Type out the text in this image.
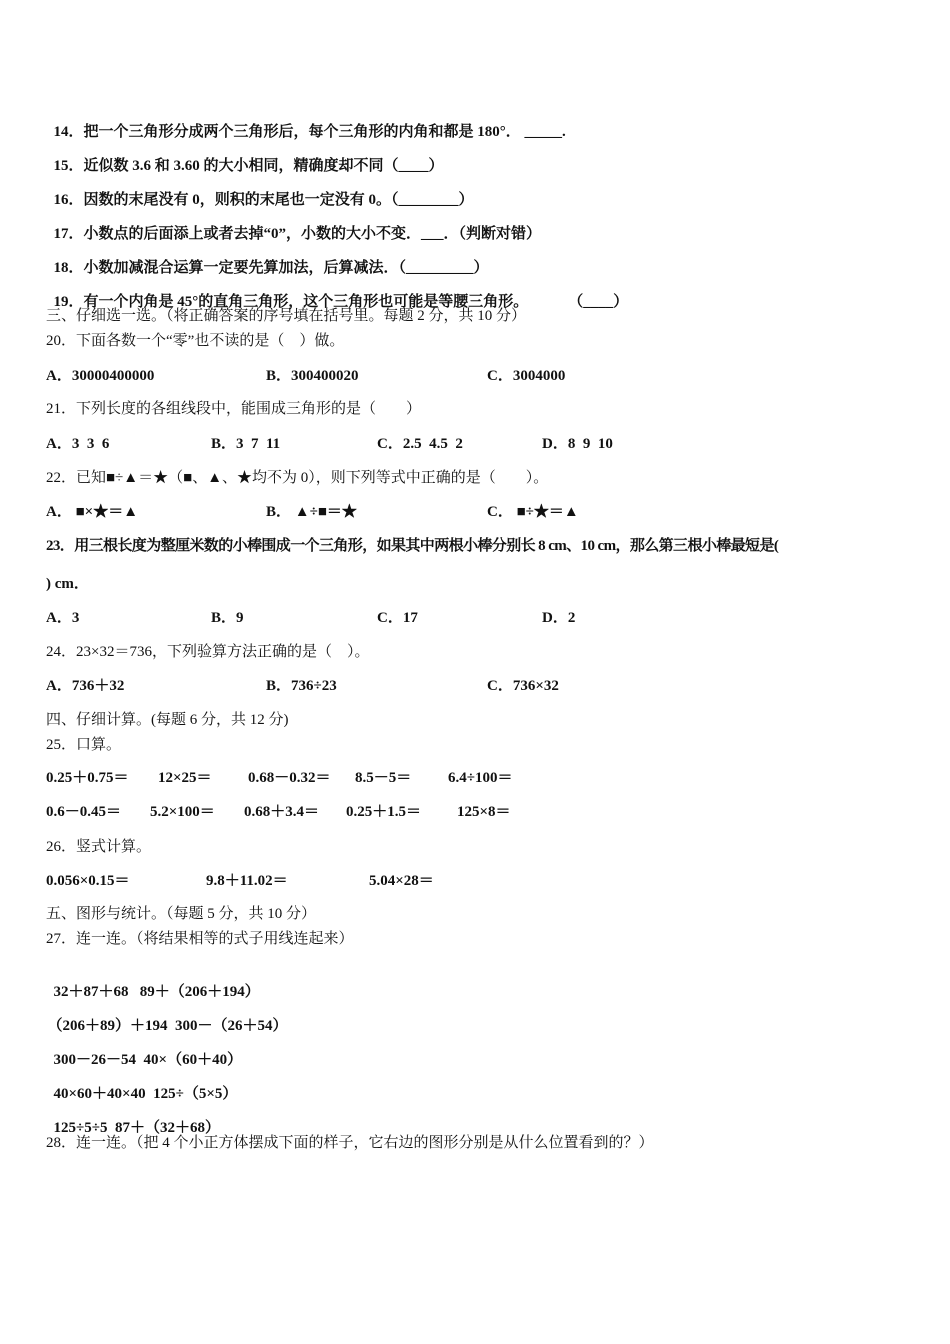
14．把一个三角形分成两个三角形后，每个三角形的内角和都是 180°． _____.

15．近似数 3.6 和 3.60 的大小相同，精确度却不同（____）

16．因数的末尾没有 0，则积的末尾也一定没有 0。（________）

17．小数点的后面添上或者去掉“0”，小数的大小不变．___．（判断对错）

18．小数加减混合运算一定要先算加法，后算减法．（_________）

19．有一个内角是 45°的直角三角形，这个三角形也可能是等腰三角形。	（____）

三、仔细选一选。（将正确答案的序号填在括号里。每题 2 分，共 10 分）
20．下面各数一个“零”也不读的是（　）做。
A．30000400000	B．300400020	C．3004000
21．下列长度的各组线段中，能围成三角形的是（　　）
A．3  3  6	B．3  7  11	C．2.5  4.5  2	D．8  9  10
22．已知■÷▲＝★（■、▲、★均不为 0），则下列等式中正确的是（　　）。
A． ■×★＝▲	B． ▲÷■＝★	C． ■÷★＝▲
23．用三根长度为整厘米数的小棒围成一个三角形，如果其中两根小棒分别长 8 cm、10 cm，那么第三根小棒最短是(
) cm．
A．3	B．9	C．17	D．2
24．23×32＝736，下列验算方法正确的是（　）。
A．736＋32	B．736÷23	C．736×32
四、仔细计算。(每题 6 分，共 12 分)
25．口算。
0.25＋0.75＝ 12×25＝ 0.68－0.32＝ 8.5－5＝ 6.4÷100＝
0.6－0.45＝ 5.2×100＝ 0.68＋3.4＝ 0.25＋1.5＝ 125×8＝
26．竖式计算。
0.056×0.15＝	9.8＋11.02＝	5.04×28＝
五、图形与统计。（每题 5 分，共 10 分）
27．连一连。（将结果相等的式子用线连起来）

32＋87＋68 89＋（206＋194）

（206＋89）＋194 300－（26＋54）

300－26－54 40×（60＋40）

40×60＋40×40 125÷（5×5）

125÷5÷5 87＋（32＋68）

28．连一连。（把 4 个小正方体摆成下面的样子，它右边的图形分别是从什么位置看到的？）
